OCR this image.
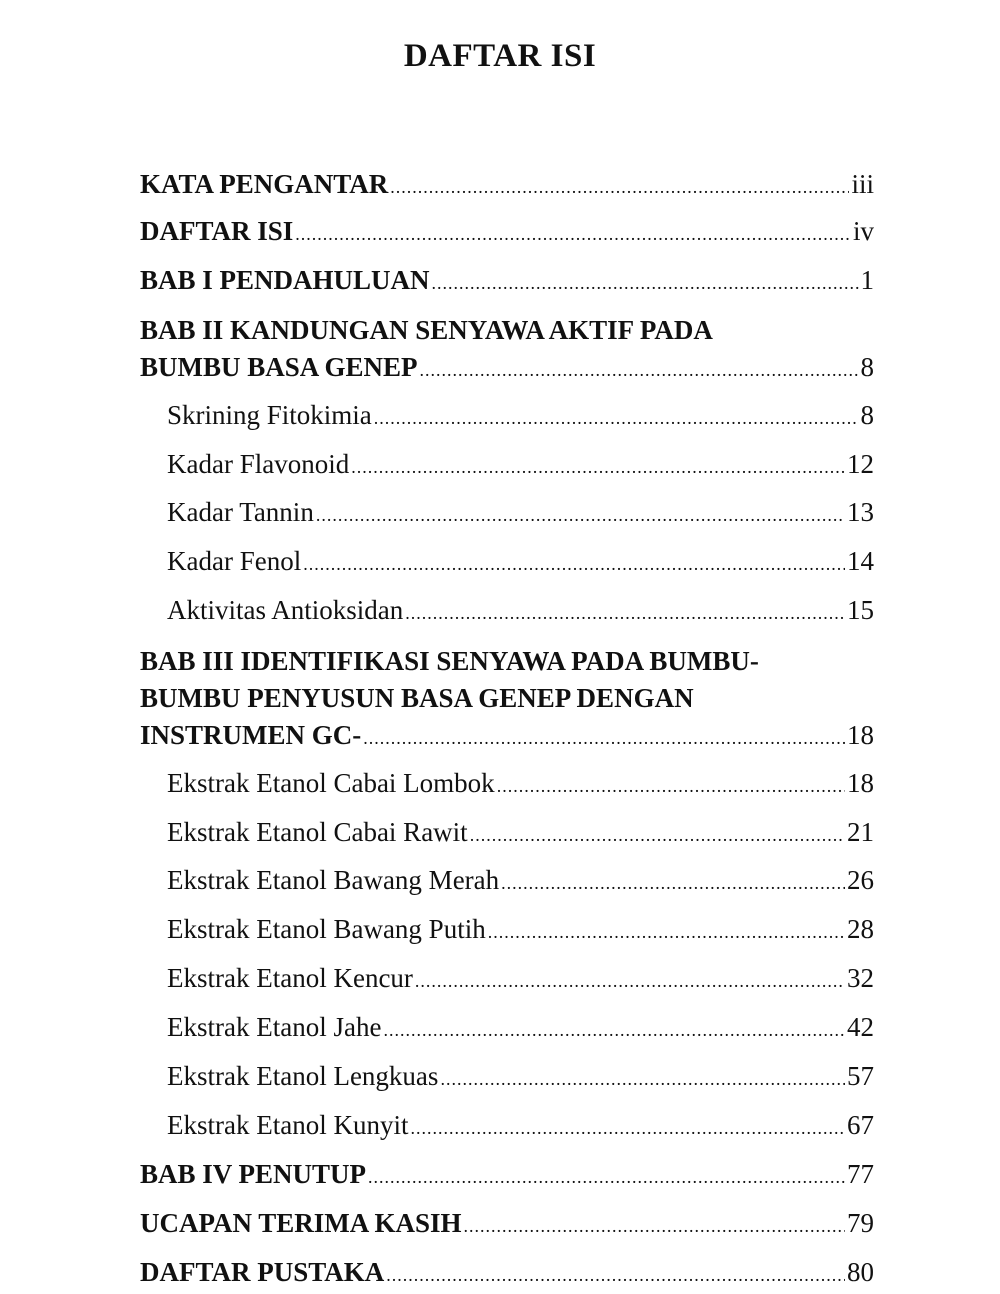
DAFTAR ISI
KATA PENGANTAR .....	iii
DAFTAR ISI .....	iv
BAB I PENDAHULUAN .....	1
BAB II KANDUNGAN SENYAWA AKTIF PADA
BUMBU BASA GENEP .....	8
Skrining Fitokimia .....	8
Kadar Flavonoid .....	12
Kadar Tannin .....	13
Kadar Fenol .....	14
Aktivitas Antioksidan .....	15
BAB III IDENTIFIKASI SENYAWA PADA BUMBU-
BUMBU PENYUSUN BASA GENEP DENGAN
INSTRUMEN GC- .....	18
Ekstrak Etanol Cabai Lombok .....	18
Ekstrak Etanol Cabai Rawit .....	21
Ekstrak Etanol Bawang Merah .....	26
Ekstrak Etanol Bawang Putih .....	28
Ekstrak Etanol Kencur .....	32
Ekstrak Etanol Jahe .....	42
Ekstrak Etanol Lengkuas .....	57
Ekstrak Etanol Kunyit .....	67
BAB IV PENUTUP .....	77
UCAPAN TERIMA KASIH .....	79
DAFTAR PUSTAKA .....	80
